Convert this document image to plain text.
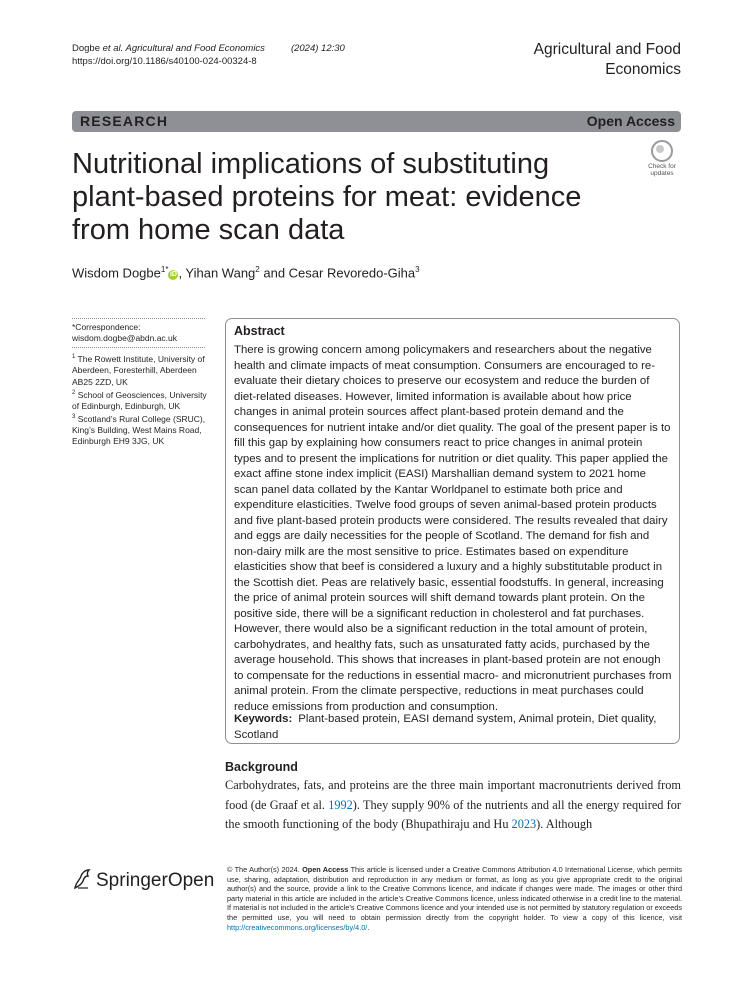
Dogbe et al. Agricultural and Food Economics	(2024) 12:30
https://doi.org/10.1186/s40100-024-00324-8
Agricultural and Food
Economics
RESEARCH	Open Access
Nutritional implications of substituting plant-based proteins for meat: evidence from home scan data
Check for
updates
Wisdom Dogbe$^{1*}$iD , Yihan Wang$^2$ and Cesar Revoredo-Giha$^3$
*Correspondence:
wisdom.dogbe@abdn.ac.uk
$^1$ The Rowett Institute, University of Aberdeen, Foresterhill, Aberdeen AB25 2ZD, UK
$^2$ School of Geosciences, University of Edinburgh, Edinburgh, UK
$^3$ Scotland’s Rural College (SRUC), King’s Building, West Mains Road, Edinburgh EH9 3JG, UK
Abstract
There is growing concern among policymakers and researchers about the negative health and climate impacts of meat consumption. Consumers are encouraged to re-evaluate their dietary choices to preserve our ecosystem and reduce the burden of diet-related diseases. However, limited information is available about how price changes in animal protein sources affect plant-based protein demand and the consequences for nutrient intake and/or diet quality. The goal of the present paper is to fill this gap by explaining how consumers react to price changes in animal protein types and to present the implications for nutrition or diet quality. This paper applied the exact affine stone index implicit (EASI) Marshallian demand system to 2021 home scan panel data collated by the Kantar Worldpanel to estimate both price and expenditure elasticities. Twelve food groups of seven animal-based protein products and five plant-based protein products were considered. The results revealed that dairy and eggs are daily necessities for the people of Scotland. The demand for fish and non-dairy milk are the most sensitive to price. Estimates based on expenditure elasticities show that beef is considered a luxury and a highly substitutable product in the Scottish diet. Peas are relatively basic, essential foodstuffs. In general, increasing the price of animal protein sources will shift demand towards plant protein. On the positive side, there will be a significant reduction in cholesterol and fat purchases. However, there would also be a significant reduction in the total amount of protein, carbohydrates, and healthy fats, such as unsaturated fatty acids, purchased by the average household. This shows that increases in plant-based protein are not enough to compensate for the reductions in essential macro- and micronutrient purchases from animal protein. From the climate perspective, reductions in meat purchases could reduce emissions from production and consumption.
Keywords: Plant-based protein, EASI demand system, Animal protein, Diet quality, Scotland
Background
Carbohydrates, fats, and proteins are the three main important macronutrients derived from food (de Graaf et al. 1992). They supply 90% of the nutrients and all the energy required for the smooth functioning of the body (Bhupathiraju and Hu 2023). Although
SpringerOpen
© The Author(s) 2024. Open Access This article is licensed under a Creative Commons Attribution 4.0 International License, which permits use, sharing, adaptation, distribution and reproduction in any medium or format, as long as you give appropriate credit to the original author(s) and the source, provide a link to the Creative Commons licence, and indicate if changes were made. The images or other third party material in this article are included in the article’s Creative Commons licence, unless indicated otherwise in a credit line to the material. If material is not included in the article’s Creative Commons licence and your intended use is not permitted by statutory regulation or exceeds the permitted use, you will need to obtain permission directly from the copyright holder. To view a copy of this licence, visit http://creativecommons.org/licenses/by/4.0/.
